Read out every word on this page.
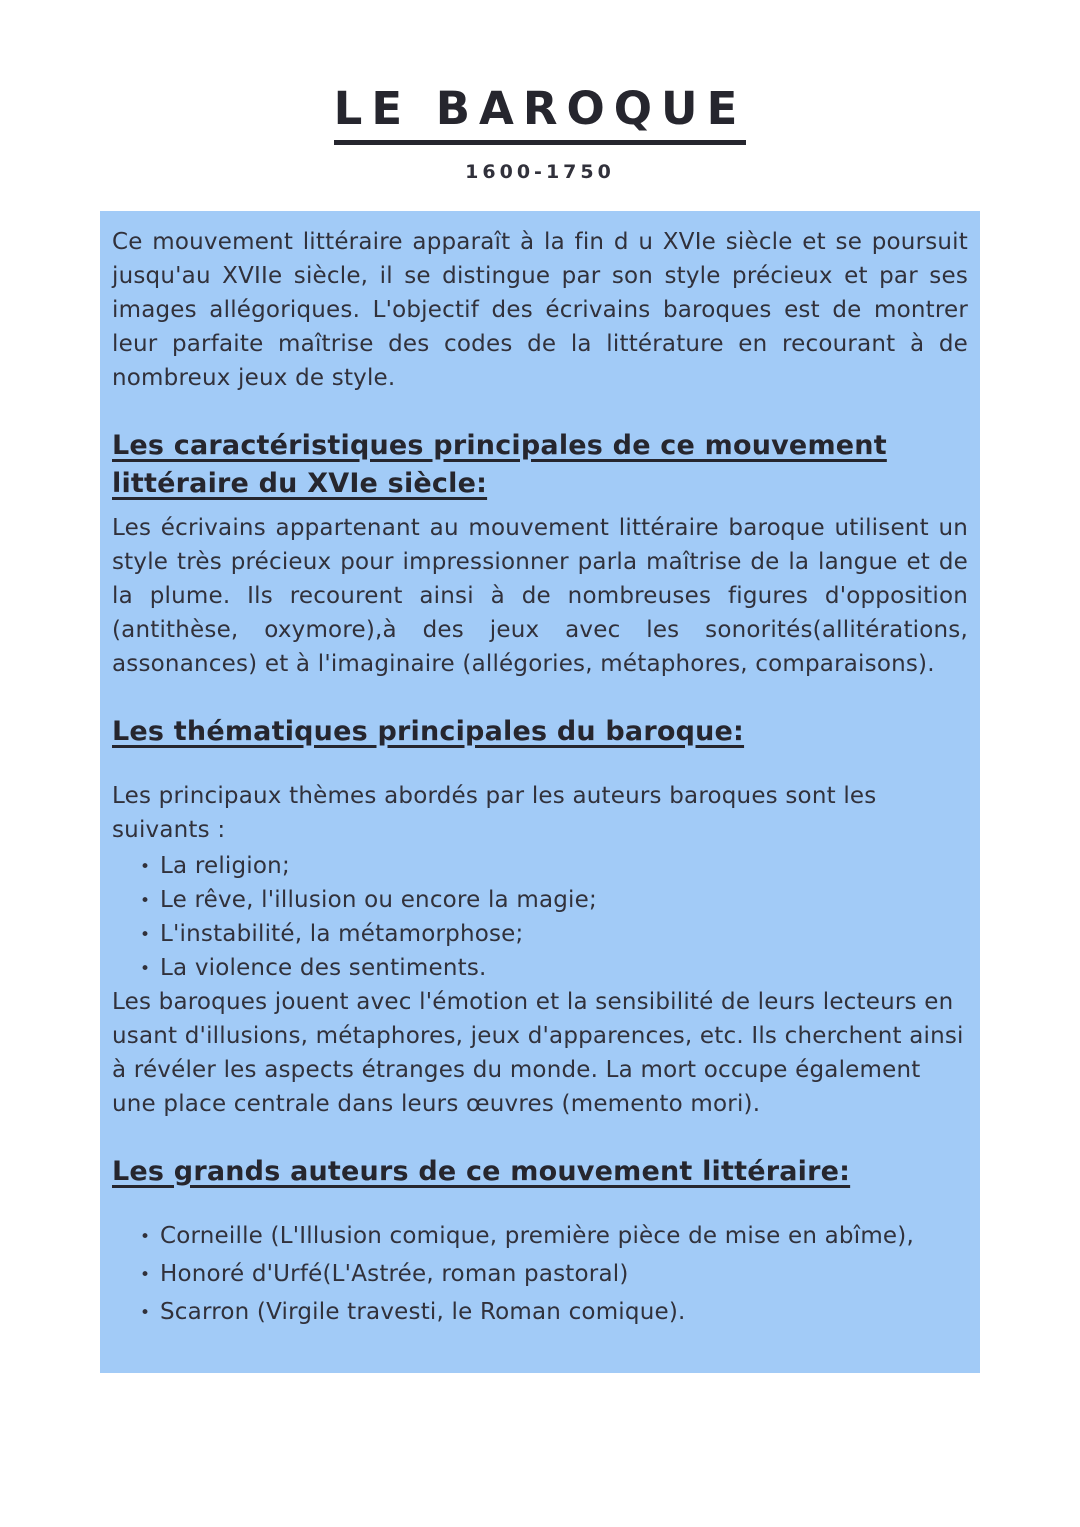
LE BAROQUE
1600-1750

Ce mouvement littéraire apparaît à la fin d u XVIe siècle et se poursuit jusqu'au XVIIe siècle, il se distingue par son style précieux et par ses images allégoriques. L'objectif des écrivains baroques est de montrer leur parfaite maîtrise des codes de la littérature en recourant à de nombreux jeux de style.

Les caractéristiques principales de ce mouvement littéraire du XVIe siècle:

Les écrivains appartenant au mouvement littéraire baroque utilisent un style très précieux pour impressionner parla maîtrise de la langue et de la plume. Ils recourent ainsi à de nombreuses figures d'opposition (antithèse, oxymore),à des jeux avec les sonorités(allitérations, assonances) et à l'imaginaire (allégories, métaphores, comparaisons).

Les thématiques principales du baroque:

Les principaux thèmes abordés par les auteurs baroques sont les suivants :

• La religion;
• Le rêve, l'illusion ou encore la magie;
• L'instabilité, la métamorphose;
• La violence des sentiments.

Les baroques jouent avec l'émotion et la sensibilité de leurs lecteurs en usant d'illusions, métaphores, jeux d'apparences, etc. Ils cherchent ainsi à révéler les aspects étranges du monde. La mort occupe également une place centrale dans leurs œuvres (memento mori).

Les grands auteurs de ce mouvement littéraire:
• Corneille (L'Illusion comique, première pièce de mise en abîme),
• Honoré d'Urfé(L'Astrée, roman pastoral)
• Scarron (Virgile travesti, le Roman comique).
